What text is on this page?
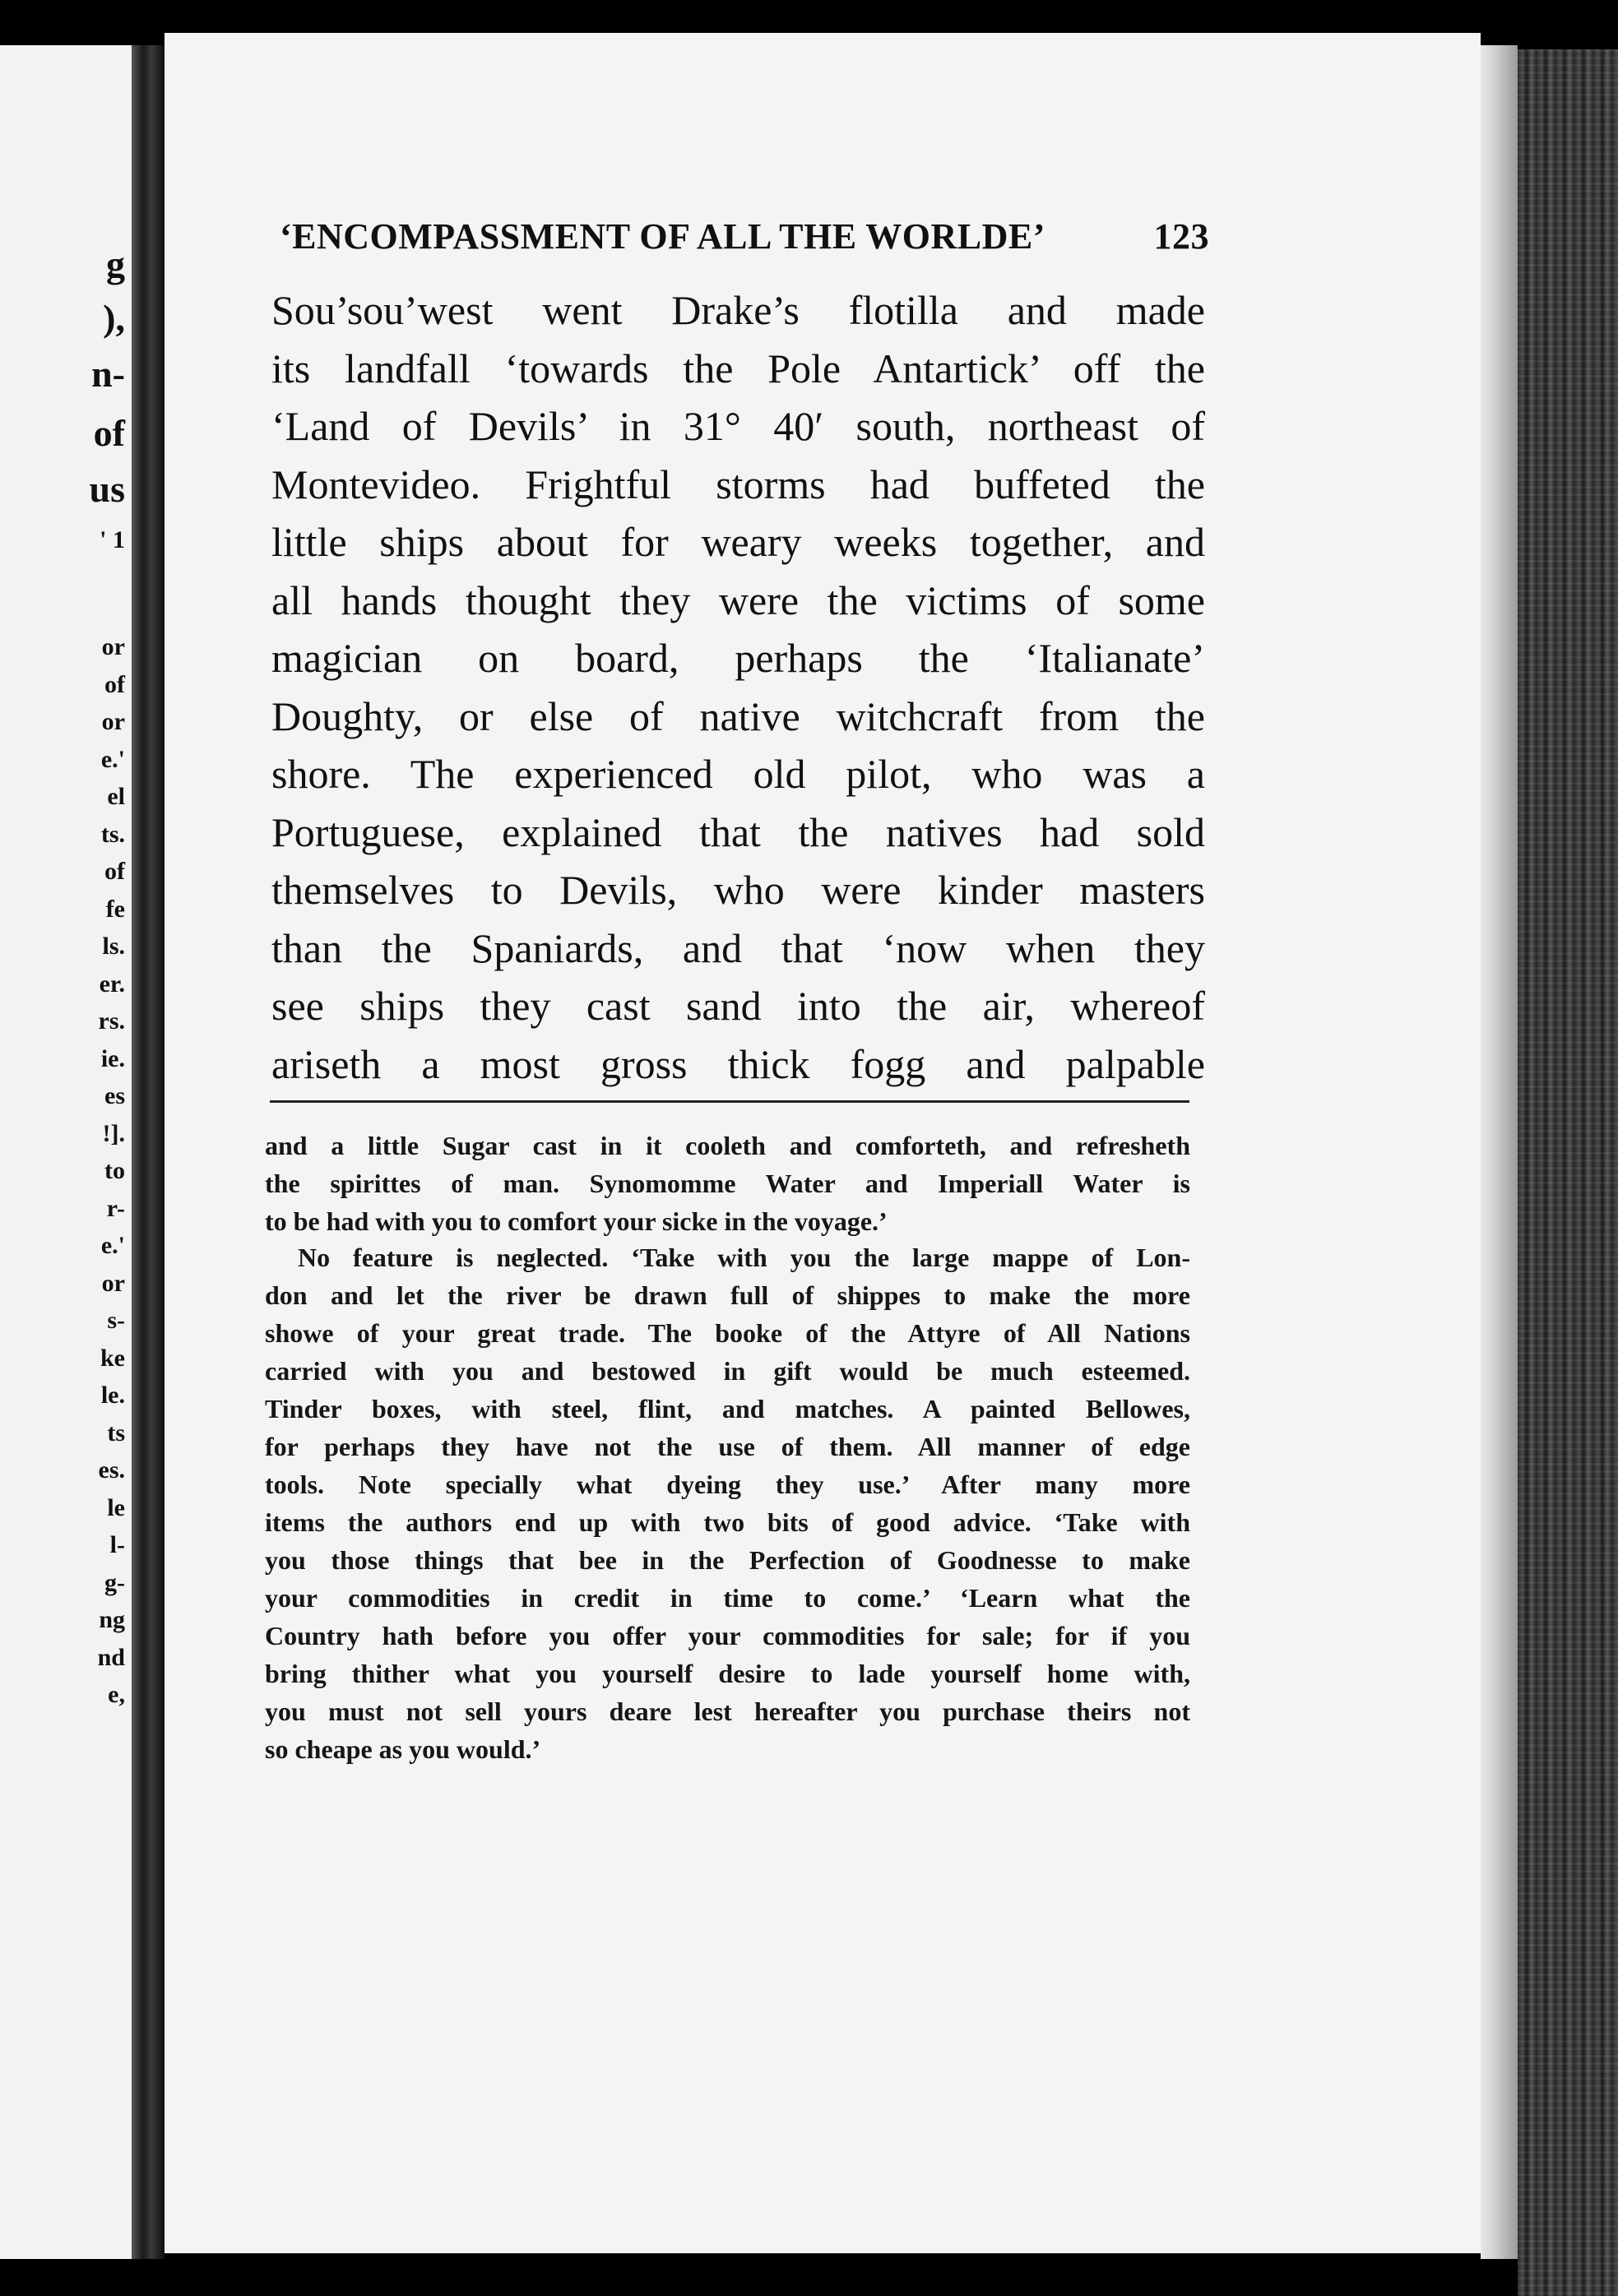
g
),
n-
of
us
' 1
or
of
or
e.'
el
ts.
of
fe
ls.
er.
rs.
ie.
es
!].
to
r-
e.'
or
s-
ke
le.
ts
es.
le
l-
g-
ng
nd
e,
‘ENCOMPASSMENT OF ALL THE WORLDE’	123
Sou’sou’west went Drake’s flotilla and made
its landfall ‘towards the Pole Antartick’ off the
‘Land of Devils’ in 31° 40′ south, northeast of
Montevideo. Frightful storms had buffeted the
little ships about for weary weeks together, and
all hands thought they were the victims of some
magician on board, perhaps the ‘Italianate’
Doughty, or else of native witchcraft from the
shore. The experienced old pilot, who was a
Portuguese, explained that the natives had sold
themselves to Devils, who were kinder masters
than the Spaniards, and that ‘now when they
see ships they cast sand into the air, whereof
ariseth a most gross thick fogg and palpable
and a little Sugar cast in it cooleth and comforteth, and refresheth
the spirittes of man. Synomomme Water and Imperiall Water is
to be had with you to comfort your sicke in the voyage.’
No feature is neglected. ‘Take with you the large mappe of Lon-
don and let the river be drawn full of shippes to make the more
showe of your great trade. The booke of the Attyre of All Nations
carried with you and bestowed in gift would be much esteemed.
Tinder boxes, with steel, flint, and matches. A painted Bellowes,
for perhaps they have not the use of them. All manner of edge
tools. Note specially what dyeing they use.’ After many more
items the authors end up with two bits of good advice. ‘Take with
you those things that bee in the Perfection of Goodnesse to make
your commodities in credit in time to come.’ ‘Learn what the
Country hath before you offer your commodities for sale; for if you
bring thither what you yourself desire to lade yourself home with,
you must not sell yours deare lest hereafter you purchase theirs not
so cheape as you would.’
